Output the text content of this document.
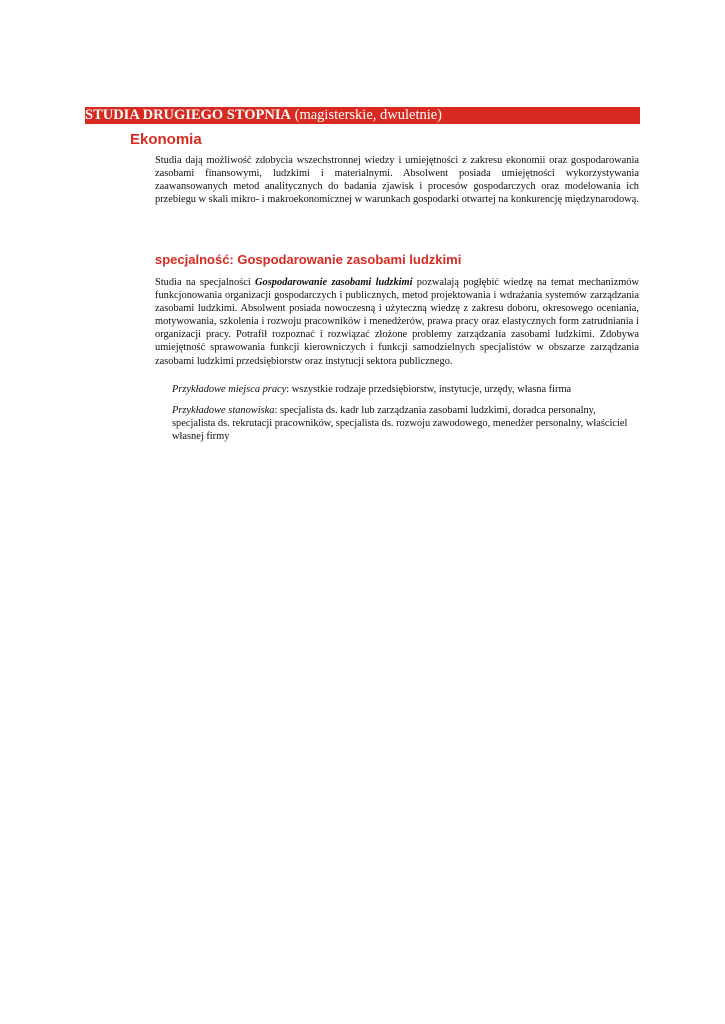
STUDIA DRUGIEGO STOPNIA (magisterskie, dwuletnie)
Ekonomia

Studia dają możliwość zdobycia wszechstronnej wiedzy i umiejętności z zakresu ekonomii oraz gospodarowania zasobami finansowymi, ludzkimi i materialnymi. Absolwent posiada umiejętności wykorzystywania zaawansowanych metod analitycznych do badania zjawisk i procesów gospodarczych oraz modelowania ich przebiegu w skali mikro- i makroekonomicznej w warunkach gospodarki otwartej na konkurencję międzynarodową.

specjalność: Gospodarowanie zasobami ludzkimi

Studia na specjalności Gospodarowanie zasobami ludzkimi pozwalają pogłębić wiedzę na temat mechanizmów funkcjonowania organizacji gospodarczych i publicznych, metod projektowania i wdrażania systemów zarządzania zasobami ludzkimi. Absolwent posiada nowoczesną i użyteczną wiedzę z zakresu doboru, okresowego oceniania, motywowania, szkolenia i rozwoju pracowników i menedżerów, prawa pracy oraz elastycznych form zatrudniania i organizacji pracy. Potrafił rozpoznać i rozwiązać złożone problemy zarządzania zasobami ludzkimi. Zdobywa umiejętność sprawowania funkcji kierowniczych i funkcji samodzielnych specjalistów w obszarze zarządzania zasobami ludzkimi przedsiębiorstw oraz instytucji sektora publicznego.

Przykładowe miejsca pracy: wszystkie rodzaje przedsiębiorstw, instytucje, urzędy, własna firma

Przykładowe stanowiska: specjalista ds. kadr lub zarządzania zasobami ludzkimi, doradca personalny, specjalista ds. rekrutacji pracowników, specjalista ds. rozwoju zawodowego, menedżer personalny, właściciel własnej firmy
